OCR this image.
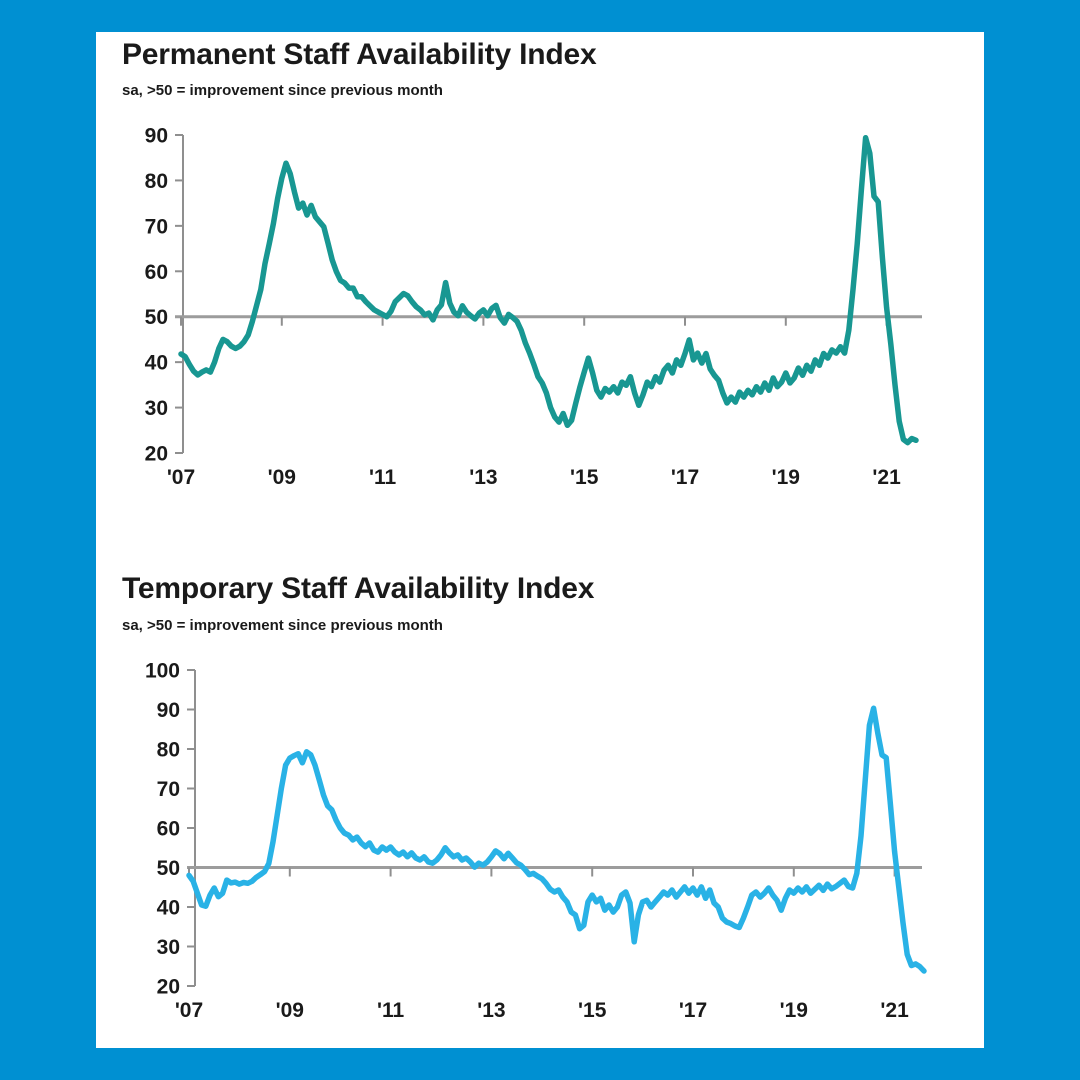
Permanent Staff Availability Index
sa, >50 = improvement since previous month
Temporary Staff Availability Index
sa, >50 = improvement since previous month
20
30
40
50
60
70
80
90
'07	'09	'11	'13	'15	'17	'19	'21
20
30
40
50
60
70
80
90
100
'07	'09	'11	'13	'15	'17	'19	'21
